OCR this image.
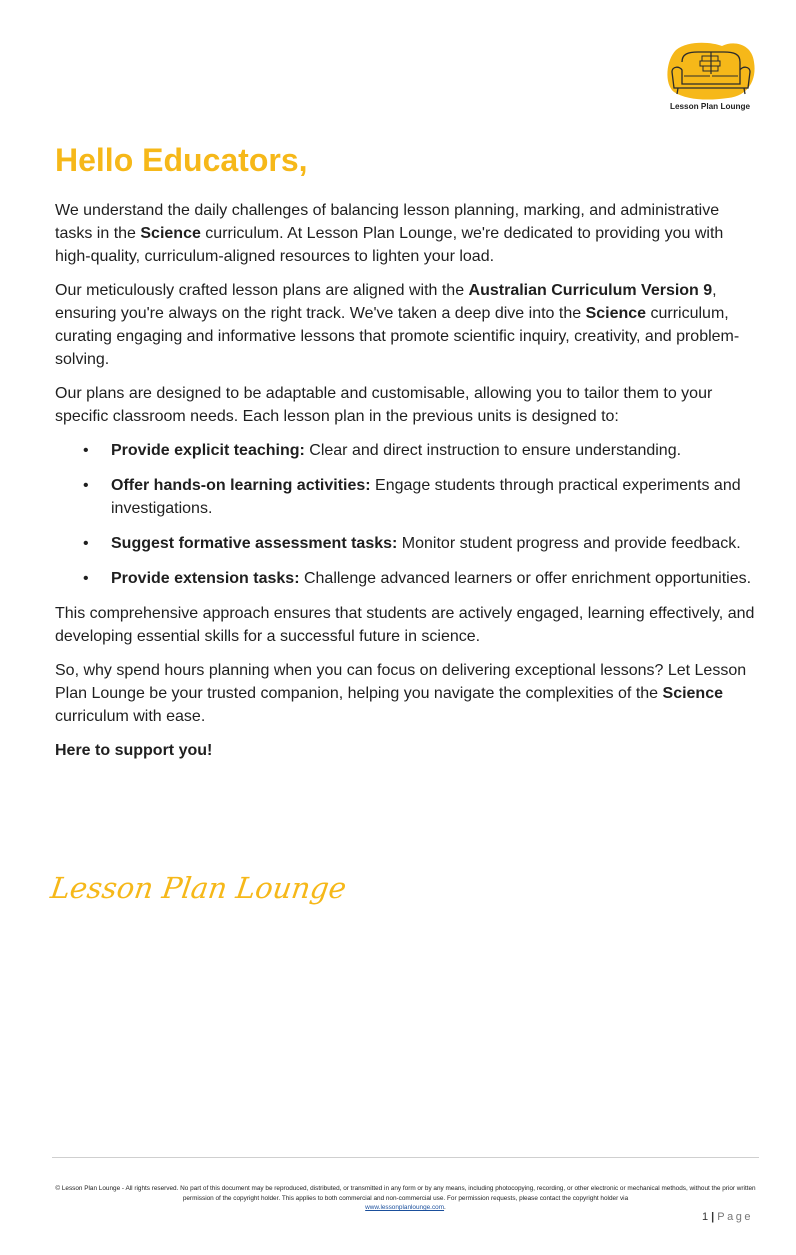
Lesson Plan Lounge
Hello Educators,

We understand the daily challenges of balancing lesson planning, marking, and administrative tasks in the Science curriculum. At Lesson Plan Lounge, we're dedicated to providing you with high-quality, curriculum-aligned resources to lighten your load.

Our meticulously crafted lesson plans are aligned with the Australian Curriculum Version 9, ensuring you're always on the right track. We've taken a deep dive into the Science curriculum, curating engaging and informative lessons that promote scientific inquiry, creativity, and problem-solving.

Our plans are designed to be adaptable and customisable, allowing you to tailor them to your specific classroom needs. Each lesson plan in the previous units is designed to:

• Provide explicit teaching: Clear and direct instruction to ensure understanding.
• Offer hands-on learning activities: Engage students through practical experiments and investigations.
• Suggest formative assessment tasks: Monitor student progress and provide feedback.
• Provide extension tasks: Challenge advanced learners or offer enrichment opportunities.

This comprehensive approach ensures that students are actively engaged, learning effectively, and developing essential skills for a successful future in science.

So, why spend hours planning when you can focus on delivering exceptional lessons? Let Lesson Plan Lounge be your trusted companion, helping you navigate the complexities of the Science curriculum with ease.

Here to support you!

Lesson Plan Lounge
© Lesson Plan Lounge - All rights reserved. No part of this document may be reproduced, distributed, or transmitted in any form or by any means, including photocopying, recording, or other electronic or mechanical methods, without the prior written permission of the copyright holder. This applies to both commercial and non-commercial use. For permission requests, please contact the copyright holder via
www.lessonplanlounge.com.
1 | Page
